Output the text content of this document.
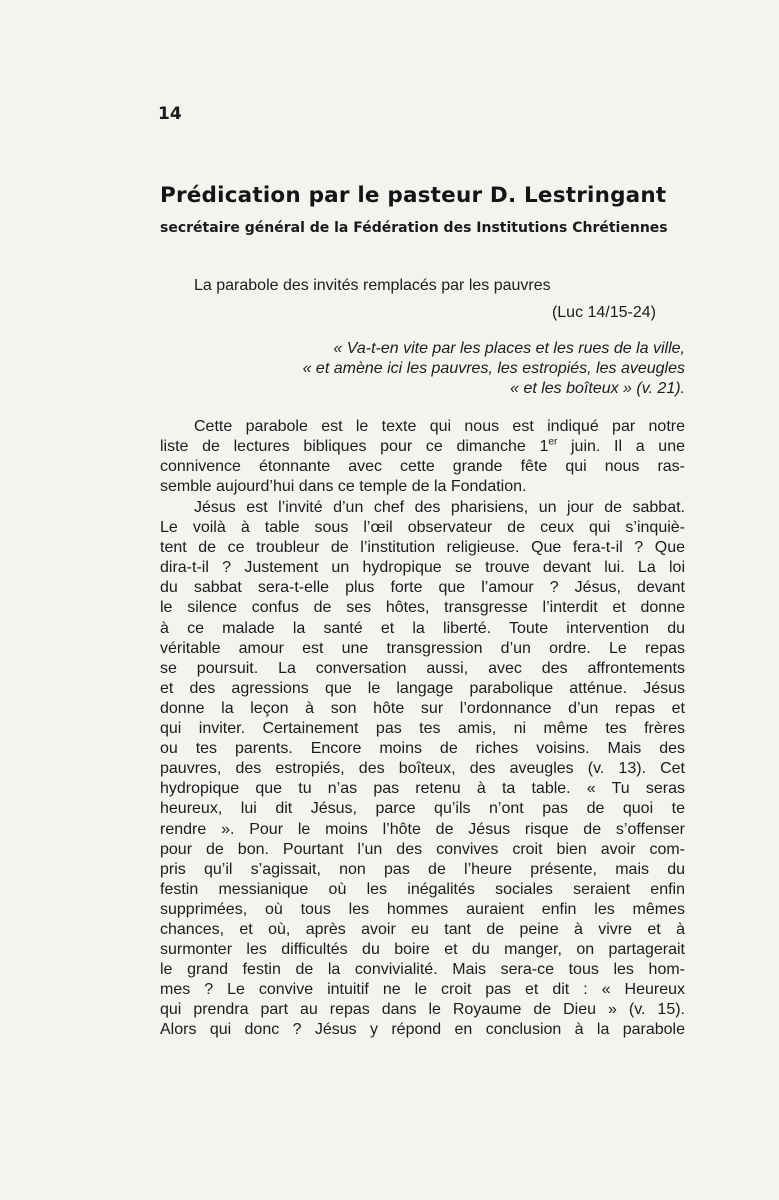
14
Prédication par le pasteur D. Lestringant
secrétaire général de la Fédération des Institutions Chrétiennes
La parabole des invités remplacés par les pauvres
(Luc 14/15-24)
« Va-t-en vite par les places et les rues de la ville,
« et amène ici les pauvres, les estropiés, les aveugles
« et les boîteux » (v. 21).
Cette parabole est le texte qui nous est indiqué par notre
liste de lectures bibliques pour ce dimanche 1er juin. Il a une
connivence étonnante avec cette grande fête qui nous ras-
semble aujourd’hui dans ce temple de la Fondation.
Jésus est l’invité d’un chef des pharisiens, un jour de sabbat.
Le voilà à table sous l’œil observateur de ceux qui s’inquiè-
tent de ce troubleur de l’institution religieuse. Que fera-t-il ? Que
dira-t-il ? Justement un hydropique se trouve devant lui. La loi
du sabbat sera-t-elle plus forte que l’amour ? Jésus, devant
le silence confus de ses hôtes, transgresse l’interdit et donne
à ce malade la santé et la liberté. Toute intervention du
véritable amour est une transgression d’un ordre. Le repas
se poursuit. La conversation aussi, avec des affrontements
et des agressions que le langage parabolique atténue. Jésus
donne la leçon à son hôte sur l’ordonnance d’un repas et
qui inviter. Certainement pas tes amis, ni même tes frères
ou tes parents. Encore moins de riches voisins. Mais des
pauvres, des estropiés, des boîteux, des aveugles (v. 13). Cet
hydropique que tu n’as pas retenu à ta table. « Tu seras
heureux, lui dit Jésus, parce qu’ils n’ont pas de quoi te
rendre ». Pour le moins l’hôte de Jésus risque de s’offenser
pour de bon. Pourtant l’un des convives croit bien avoir com-
pris qu’il s’agissait, non pas de l’heure présente, mais du
festin messianique où les inégalités sociales seraient enfin
supprimées, où tous les hommes auraient enfin les mêmes
chances, et où, après avoir eu tant de peine à vivre et à
surmonter les difficultés du boire et du manger, on partagerait
le grand festin de la convivialité. Mais sera-ce tous les hom-
mes ? Le convive intuitif ne le croit pas et dit : « Heureux
qui prendra part au repas dans le Royaume de Dieu » (v. 15).
Alors qui donc ? Jésus y répond en conclusion à la parabole
